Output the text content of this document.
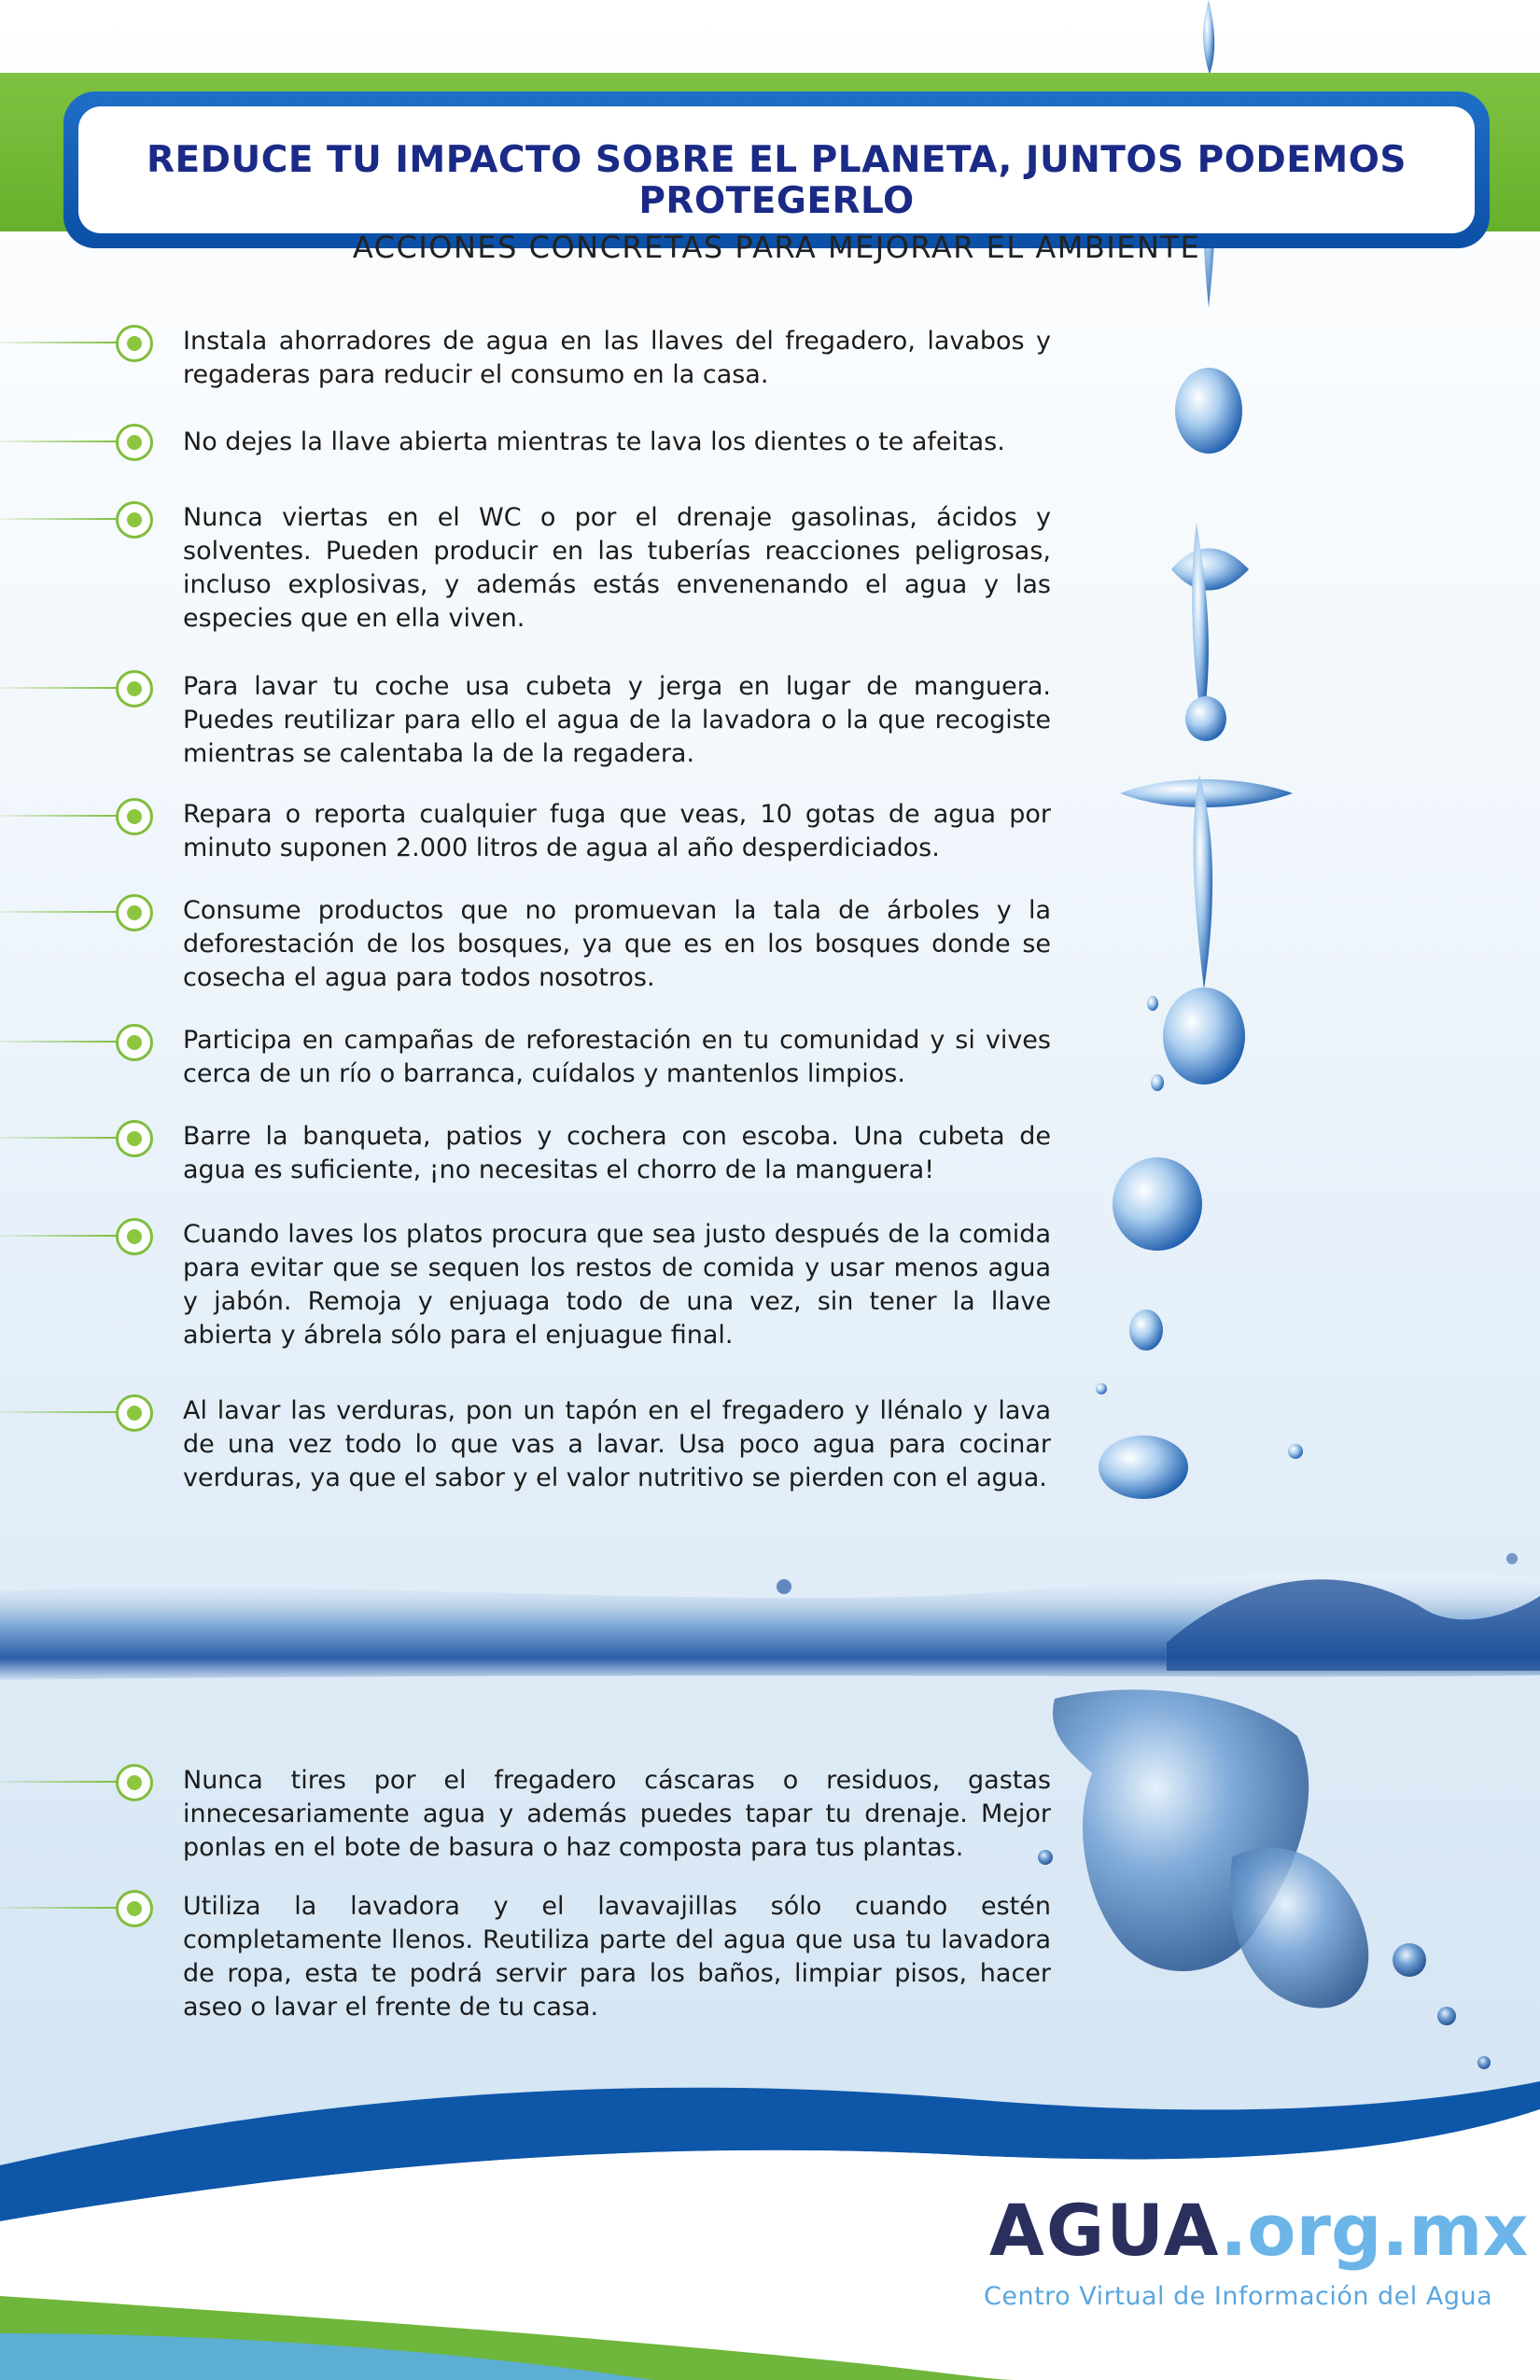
REDUCE TU IMPACTO SOBRE EL PLANETA, JUNTOS PODEMOS PROTEGERLO
ACCIONES CONCRETAS PARA MEJORAR EL AMBIENTE

Instala ahorradores de agua en las llaves del fregadero, lavabos y regaderas para reducir el consumo en la casa.

No dejes la llave abierta mientras te lava los dientes o te afeitas.

Nunca viertas en el WC o por el drenaje gasolinas, ácidos y solventes. Pueden producir en las tuberías reacciones peligrosas, incluso explosivas, y además estás envenenando el agua y las especies que en ella viven.

Para lavar tu coche usa cubeta y jerga en lugar de manguera. Puedes reutilizar para ello el agua de la lavadora o la que recogiste mientras se calentaba la de la regadera.

Repara o reporta cualquier fuga que veas, 10 gotas de agua por minuto suponen 2.000 litros de agua al año desperdiciados.

Consume productos que no promuevan la tala de árboles y la deforestación de los bosques, ya que es en los bosques donde se cosecha el agua para todos nosotros.

Participa en campañas de reforestación en tu comunidad y si vives cerca de un río o barranca, cuídalos y mantenlos limpios.

Barre la banqueta, patios y cochera con escoba. Una cubeta de agua es suficiente, ¡no necesitas el chorro de la manguera!

Cuando laves los platos procura que sea justo después de la comida para evitar que se sequen los restos de comida y usar menos agua y jabón. Remoja y enjuaga todo de una vez, sin tener la llave abierta y ábrela sólo para el enjuague final.

Al lavar las verduras, pon un tapón en el fregadero y llénalo y lava de una vez todo lo que vas a lavar. Usa poco agua para cocinar verduras, ya que el sabor y el valor nutritivo se pierden con el agua.

Nunca tires por el fregadero cáscaras o residuos, gastas innecesariamente agua y además puedes tapar tu drenaje. Mejor ponlas en el bote de basura o haz composta para tus plantas.

Utiliza la lavadora y el lavavajillas sólo cuando estén completamente llenos. Reutiliza parte del agua que usa tu lavadora de ropa, esta te podrá servir para los baños, limpiar pisos, hacer aseo o lavar el frente de tu casa.

AGUA.org.mx
Centro Virtual de Información del Agua
